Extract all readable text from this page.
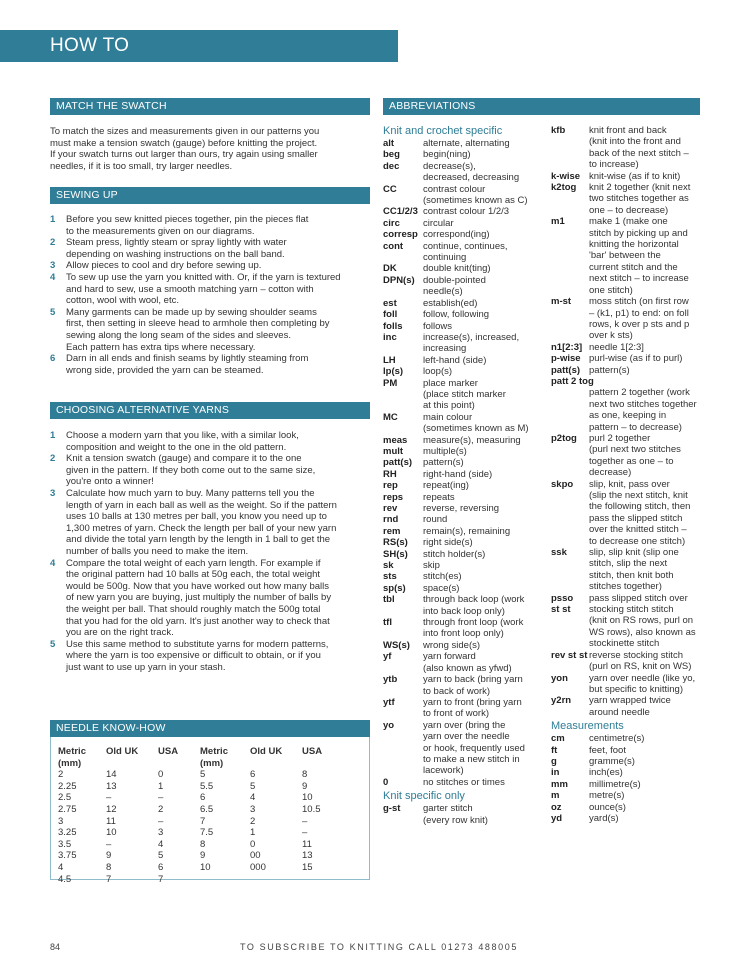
HOW TO
MATCH THE SWATCH
To match the sizes and measurements given in our patterns you
must make a tension swatch (gauge) before knitting the project.
If your swatch turns out larger than ours, try again using smaller
needles, if it is too small, try larger needles.
SEWING UP
1 Before you sew knitted pieces together, pin the pieces flat
to the measurements given on our diagrams.
2 Steam press, lightly steam or spray lightly with water
depending on washing instructions on the ball band.
3 Allow pieces to cool and dry before sewing up.
4 To sew up use the yarn you knitted with. Or, if the yarn is textured
and hard to sew, use a smooth matching yarn – cotton with
cotton, wool with wool, etc.
5 Many garments can be made up by sewing shoulder seams
first, then setting in sleeve head to armhole then completing by
sewing along the long seam of the sides and sleeves.
Each pattern has extra tips where necessary.
6 Darn in all ends and finish seams by lightly steaming from
wrong side, provided the yarn can be steamed.
CHOOSING ALTERNATIVE YARNS
1 Choose a modern yarn that you like, with a similar look,
composition and weight to the one in the old pattern.
2 Knit a tension swatch (gauge) and compare it to the one
given in the pattern. If they both come out to the same size,
you're onto a winner!
3 Calculate how much yarn to buy. Many patterns tell you the
length of yarn in each ball as well as the weight. So if the pattern
uses 10 balls at 130 metres per ball, you know you need up to
1,300 metres of yarn. Check the length per ball of your new yarn
and divide the total yarn length by the length in 1 ball to get the
number of balls you need to make the item.
4 Compare the total weight of each yarn length. For example if
the original pattern had 10 balls at 50g each, the total weight
would be 500g. Now that you have worked out how many balls
of new yarn you are buying, just multiply the number of balls by
the weight per ball. That should roughly match the 500g total
that you had for the old yarn. It's just another way to check that
you are on the right track.
5 Use this same method to substitute yarns for modern patterns,
where the yarn is too expensive or difficult to obtain, or if you
just want to use up yarn in your stash.
NEEDLE KNOW-HOW
Metric	Old UK	USA	Metric	Old UK	USA
(mm)			(mm)		
2	14	0	5	6	8
2.25	13	1	5.5	5	9
2.5	–	–	6	4	10
2.75	12	2	6.5	3	10.5
3	11	–	7	2	–
3.25	10	3	7.5	1	–
3.5	–	4	8	0	11
3.75	9	5	9	00	13
4	8	6	10	000	15
4.5	7	7			
ABBREVIATIONS
Knit and crochet specific
alt	alternate, alternating
beg	begin(ning)
dec	decrease(s),
decreased, decreasing
CC	contrast colour
(sometimes known as C)
CC1/2/3 contrast colour 1/2/3
circ	circular
corresp correspond(ing)
cont	continue, continues,
continuing
DK	double knit(ting)
DPN(s) double-pointed
needle(s)
est	establish(ed)
foll	follow, following
folls	follows
inc	increase(s), increased,
increasing
LH	left-hand (side)
lp(s)	loop(s)
PM	place marker
(place stitch marker
at this point)
MC	main colour
(sometimes known as M)
meas	measure(s), measuring
mult	multiple(s)
patt(s)	pattern(s)
RH	right-hand (side)
rep	repeat(ing)
reps	repeats
rev	reverse, reversing
rnd	round
rem	remain(s), remaining
RS(s)	right side(s)
SH(s)	stitch holder(s)
sk	skip
sts	stitch(es)
sp(s)	space(s)
tbl	through back loop (work
into back loop only)
tfl	through front loop (work
into front loop only)
WS(s)	wrong side(s)
yf	yarn forward
(also known as yfwd)
ytb	yarn to back (bring yarn
to back of work)
ytf	yarn to front (bring yarn
to front of work)
yo	yarn over (bring the
yarn over the needle
or hook, frequently used
to make a new stitch in
lacework)
0	no stitches or times
Knit specific only
g-st	garter stitch
(every row knit)
kfb	knit front and back
(knit into the front and
back of the next stitch –
to increase)
k-wise knit-wise (as if to knit)
k2tog	knit 2 together (knit next
two stitches together as
one – to decrease)
m1	make 1 (make one
stitch by picking up and
knitting the horizontal
'bar' between the
current stitch and the
next stitch – to increase
one stitch)
m-st	moss stitch (on first row
– (k1, p1) to end: on foll
rows, k over p sts and p
over k sts)
n1[2:3] needle 1[2:3]
p-wise purl-wise (as if to purl)
patt(s) pattern(s)
patt 2 tog
pattern 2 together (work
next two stitches together
as one, keeping in
pattern – to decrease)
p2tog	purl 2 together
(purl next two stitches
together as one – to
decrease)
skpo	slip, knit, pass over
(slip the next stitch, knit
the following stitch, then
pass the slipped stitch
over the knitted stitch –
to decrease one stitch)
ssk	slip, slip knit (slip one
stitch, slip the next
stitch, then knit both
stitches together)
psso	pass slipped stitch over
st st	stocking stitch stitch
(knit on RS rows, purl on
WS rows), also known as
stockinette stitch
rev st st reverse stocking stitch
(purl on RS, knit on WS)
yon	yarn over needle (like yo,
but specific to knitting)
y2rn	yarn wrapped twice
around needle
Measurements
cm	centimetre(s)
ft	feet, foot
g	gramme(s)
in	inch(es)
mm	millimetre(s)
m	metre(s)
oz	ounce(s)
yd	yard(s)
84	TO SUBSCRIBE TO KNITTING CALL 01273 488005
